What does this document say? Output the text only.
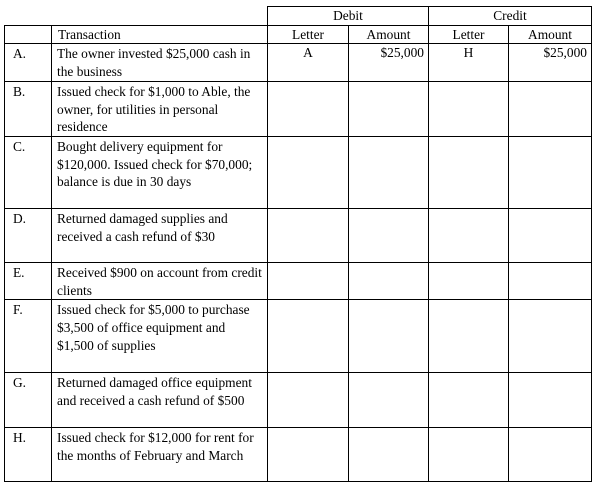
		Debit		Credit	
	Transaction	Letter	Amount	Letter	Amount
A.	The owner invested $25,000 cash in the business	A	$25,000	H	$25,000
B.	Issued check for $1,000 to Able, the owner, for utilities in personal residence				
C.	Bought delivery equipment for $120,000. Issued check for $70,000; balance is due in 30 days				
D.	Returned damaged supplies and received a cash refund of $30				
E.	Received $900 on account from credit clients				
F.	Issued check for $5,000 to purchase $3,500 of office equipment and $1,500 of supplies				
G.	Returned damaged office equipment and received a cash refund of $500				
H.	Issued check for $12,000 for rent for the months of February and March				
